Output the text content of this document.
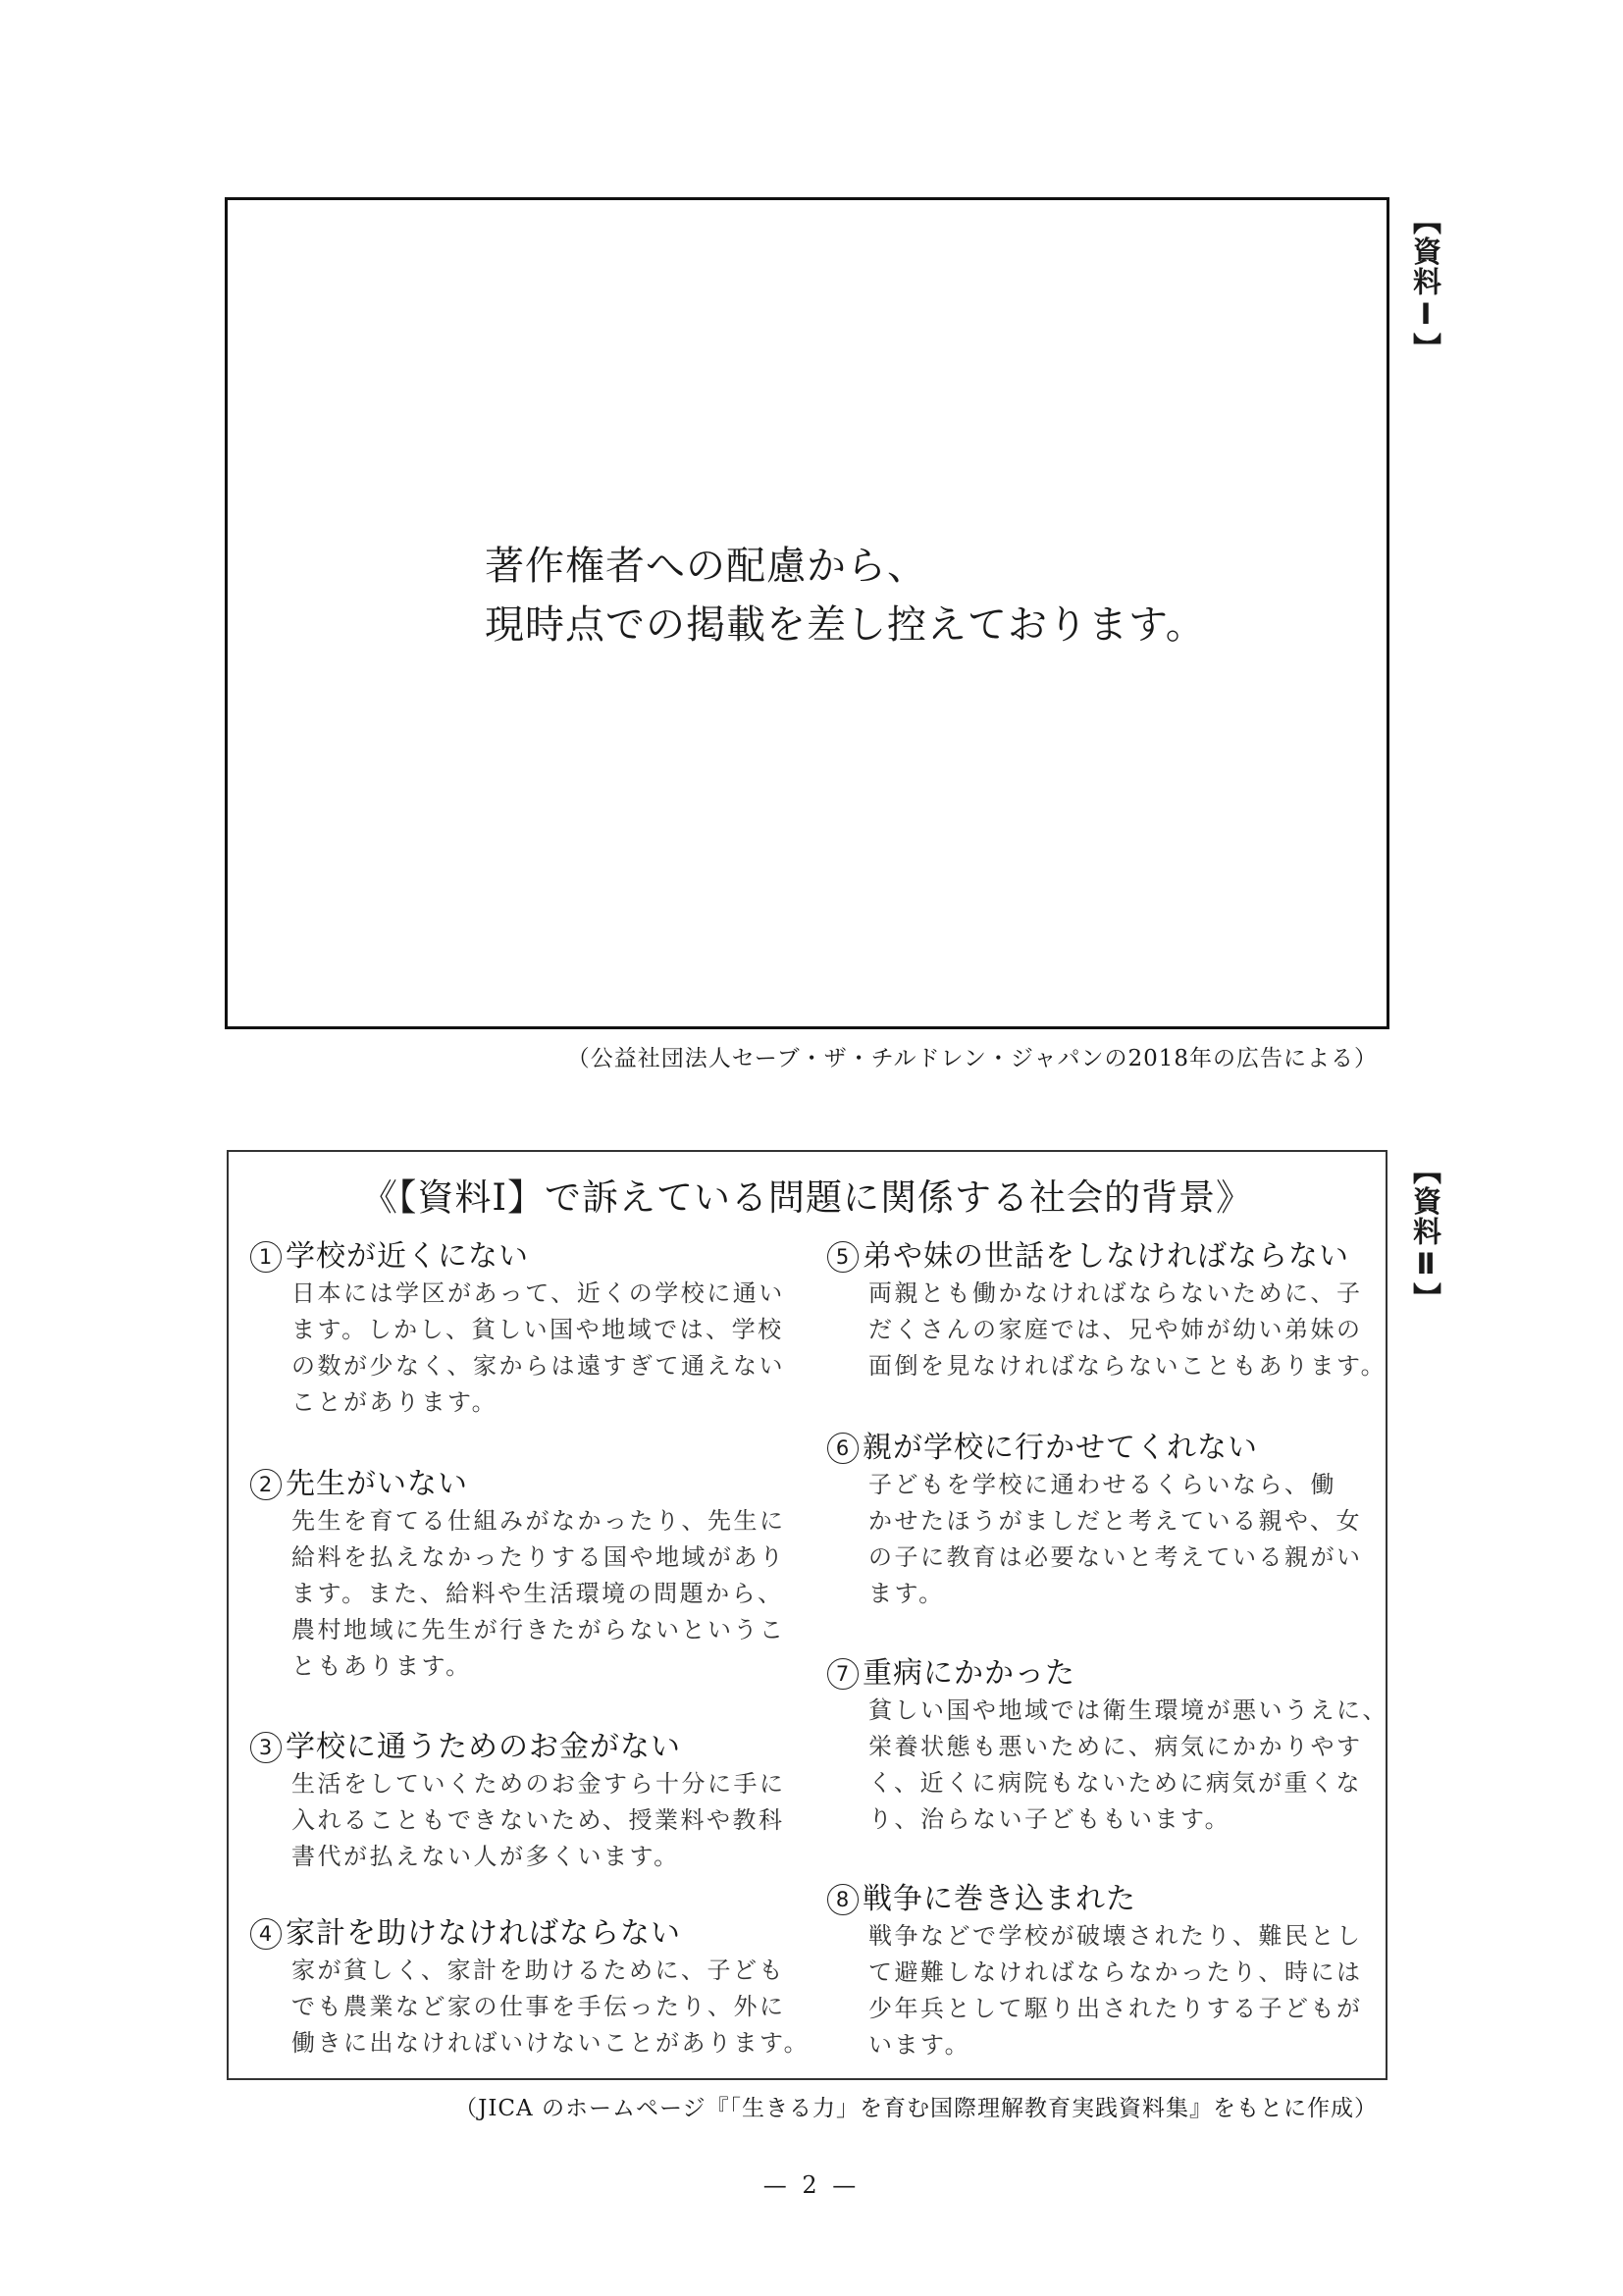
著作権者への配慮から、
現時点での掲載を差し控えております。
【資料Ⅰ】
（公益社団法人セーブ・ザ・チルドレン・ジャパンの2018年の広告による）
【資料Ⅱ】
《【資料Ⅰ】で訴えている問題に関係する社会的背景》
1 学校が近くにない
日本には学区があって、近くの学校に通い
ます。しかし、貧しい国や地域では、学校
の数が少なく、家からは遠すぎて通えない
ことがあります。
2 先生がいない
先生を育てる仕組みがなかったり、先生に
給料を払えなかったりする国や地域があり
ます。また、給料や生活環境の問題から、
農村地域に先生が行きたがらないというこ
ともあります。
3 学校に通うためのお金がない
生活をしていくためのお金すら十分に手に
入れることもできないため、授業料や教科
書代が払えない人が多くいます。
4 家計を助けなければならない
家が貧しく、家計を助けるために、子ども
でも農業など家の仕事を手伝ったり、外に
働きに出なければいけないことがあります。
5 弟や妹の世話をしなければならない
両親とも働かなければならないために、子
だくさんの家庭では、兄や姉が幼い弟妹の
面倒を見なければならないこともあります。
6 親が学校に行かせてくれない
子どもを学校に通わせるくらいなら、働
かせたほうがましだと考えている親や、女
の子に教育は必要ないと考えている親がい
ます。
7 重病にかかった
貧しい国や地域では衛生環境が悪いうえに、
栄養状態も悪いために、病気にかかりやす
く、近くに病院もないために病気が重くな
り、治らない子どももいます。
8 戦争に巻き込まれた
戦争などで学校が破壊されたり、難民とし
て避難しなければならなかったり、時には
少年兵として駆り出されたりする子どもが
います。
（JICA のホームページ『「生きる力」を育む国際理解教育実践資料集』をもとに作成）
— 2 —
